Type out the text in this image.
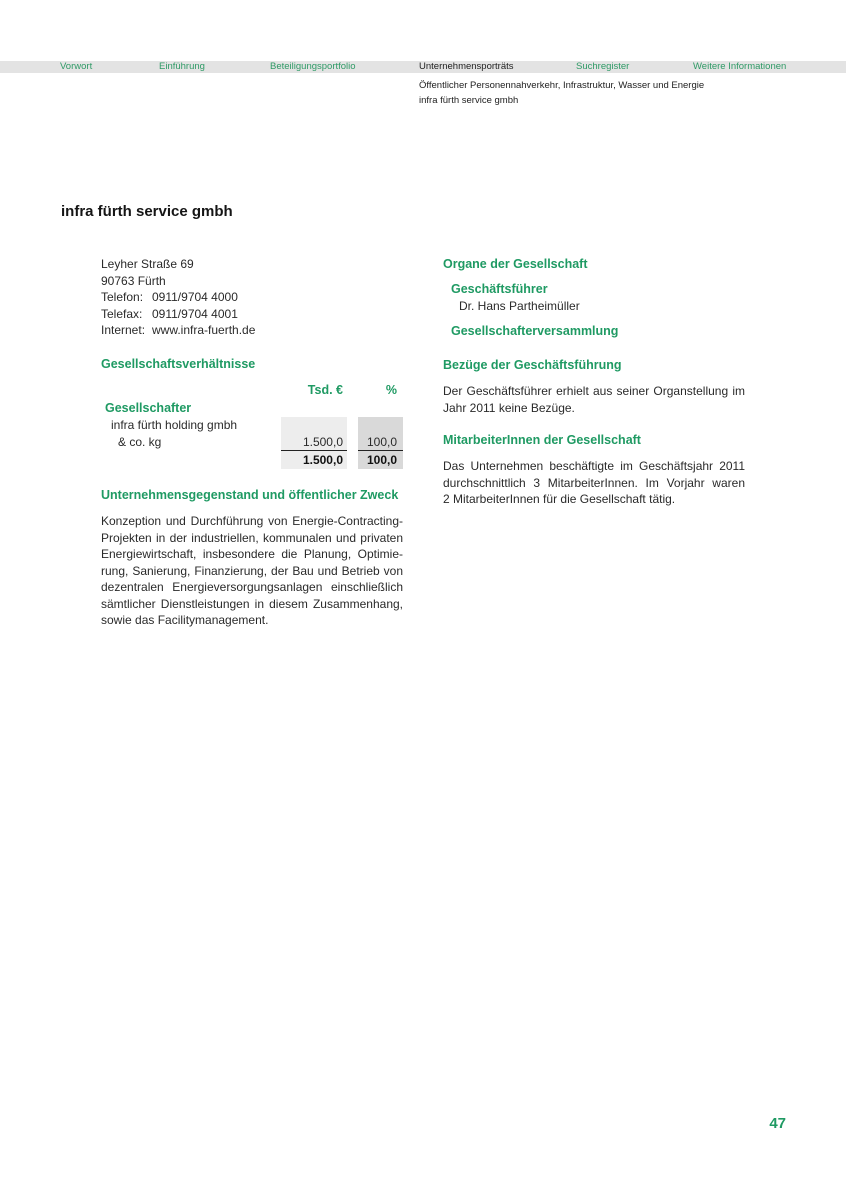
Vorwort	Einführung	Beteiligungsportfolio	Unternehmensporträts	Suchregister	Weitere Informationen
Öffentlicher Personennahverkehr, Infrastruktur, Wasser und Energie
infra fürth service gmbh
infra fürth service gmbh
Leyher Straße 69
90763 Fürth
Telefon: 0911/9704 4000
Telefax: 0911/9704 4001
Internet: www.infra-fuerth.de
Gesellschaftsverhältnisse
Tsd. €	%
Gesellschafter
infra fürth holding gmbh
& co. kg	1.500,0	100,0
1.500,0	100,0
Unternehmensgegenstand und öffentlicher Zweck
Konzeption und Durchführung von Energie-Contracting-
Projekten in der industriellen, kommunalen und privaten
Energiewirtschaft, insbesondere die Planung, Optimie-
rung, Sanierung, Finanzierung, der Bau und Betrieb von
dezentralen Energieversorgungsanlagen einschließlich
sämtlicher Dienstleistungen in diesem Zusammenhang,
sowie das Facilitymanagement.
Organe der Gesellschaft
Geschäftsführer
Dr. Hans Partheimüller
Gesellschafterversammlung
Bezüge der Geschäftsführung
Der Geschäftsführer erhielt aus seiner Organstellung im
Jahr 2011 keine Bezüge.
MitarbeiterInnen der Gesellschaft
Das Unternehmen beschäftigte im Geschäftsjahr 2011
durchschnittlich 3 MitarbeiterInnen. Im Vorjahr waren
2 MitarbeiterInnen für die Gesellschaft tätig.
47
